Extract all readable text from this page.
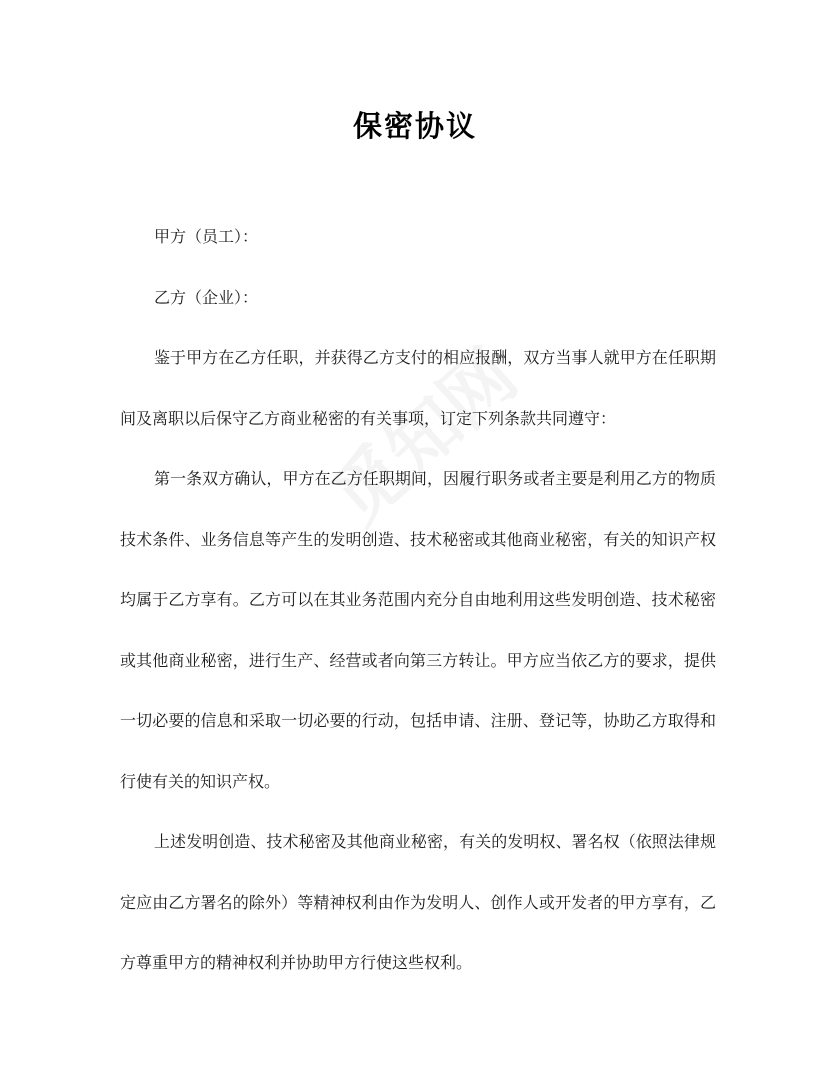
保密协议

甲方（员工）：

乙方（企业）：

鉴于甲方在乙方任职，并获得乙方支付的相应报酬，双方当事人就甲方在任职期间及离职以后保守乙方商业秘密的有关事项，订定下列条款共同遵守：

第一条双方确认，甲方在乙方任职期间，因履行职务或者主要是利用乙方的物质技术条件、业务信息等产生的发明创造、技术秘密或其他商业秘密，有关的知识产权均属于乙方享有。乙方可以在其业务范围内充分自由地利用这些发明创造、技术秘密或其他商业秘密，进行生产、经营或者向第三方转让。甲方应当依乙方的要求，提供一切必要的信息和采取一切必要的行动，包括申请、注册、登记等，协助乙方取得和行使有关的知识产权。

上述发明创造、技术秘密及其他商业秘密，有关的发明权、署名权（依照法律规定应由乙方署名的除外）等精神权利由作为发明人、创作人或开发者的甲方享有，乙方尊重甲方的精神权利并协助甲方行使这些权利。
